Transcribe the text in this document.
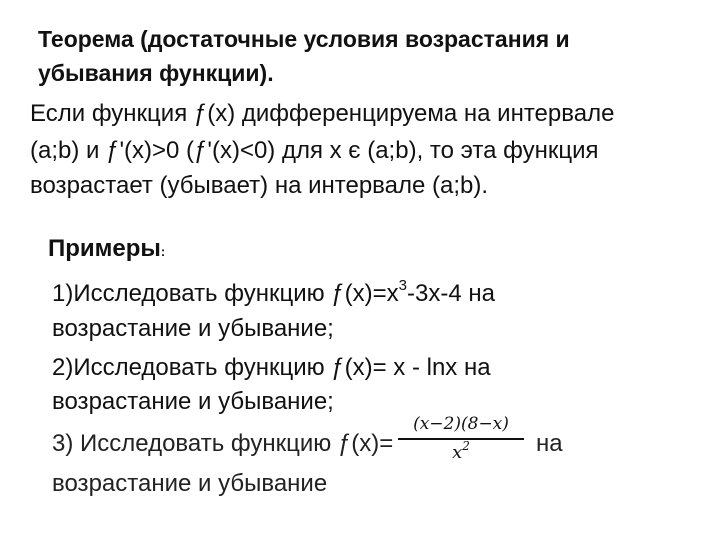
Теорема (достаточные условия возрастания и
убывания функции).
Если функция ƒ(x) дифференцируема на интервале
(a;b) и ƒ'(x)>0 (ƒ'(x)<0) для х є (a;b), то эта функция
возрастает (убывает) на интервале (a;b).
Примеры:
1)Исследовать функцию $ƒ(x)=x^3-3x-4$ на
возрастание и убывание;
2)Исследовать функцию ƒ(x)= x - lnx на
возрастание и убывание;
3) Исследовать функцию ƒ(x)=
(x−2)(8−x)
$x^2$	на
возрастание и убывание
